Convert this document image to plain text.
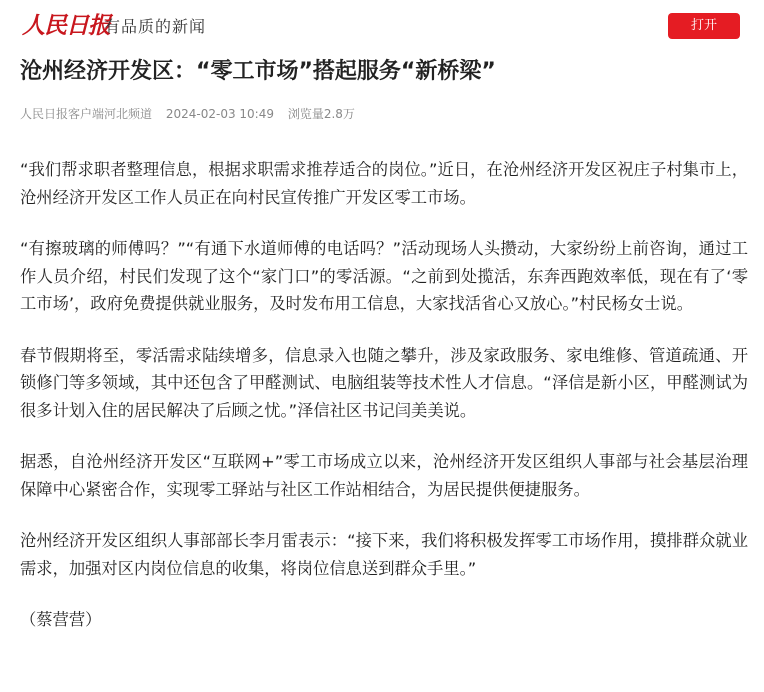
人民日报
有品质的新闻	打开
沧州经济开发区：“零工市场”搭起服务“新桥梁”
人民日报客户端河北频道 2024-02-03 10:49 浏览量2.8万

“我们帮求职者整理信息，根据求职需求推荐适合的岗位。”近日，在沧州经济开发区祝庄子村集市上，沧州经济开发区工作人员正在向村民宣传推广开发区零工市场。

“有擦玻璃的师傅吗？”“有通下水道师傅的电话吗？”活动现场人头攒动，大家纷纷上前咨询，通过工作人员介绍，村民们发现了这个“家门口”的零活源。“之前到处揽活，东奔西跑效率低，现在有了‘零工市场’，政府免费提供就业服务，及时发布用工信息，大家找活省心又放心。”村民杨女士说。

春节假期将至，零活需求陆续增多，信息录入也随之攀升，涉及家政服务、家电维修、管道疏通、开锁修门等多领域，其中还包含了甲醛测试、电脑组装等技术性人才信息。“泽信是新小区，甲醛测试为很多计划入住的居民解决了后顾之忧。”泽信社区书记闫美美说。

据悉，自沧州经济开发区“互联网+”零工市场成立以来，沧州经济开发区组织人事部与社会基层治理保障中心紧密合作，实现零工驿站与社区工作站相结合，为居民提供便捷服务。

沧州经济开发区组织人事部部长李月雷表示：“接下来，我们将积极发挥零工市场作用，摸排群众就业需求，加强对区内岗位信息的收集，将岗位信息送到群众手里。”

（蔡营营）
